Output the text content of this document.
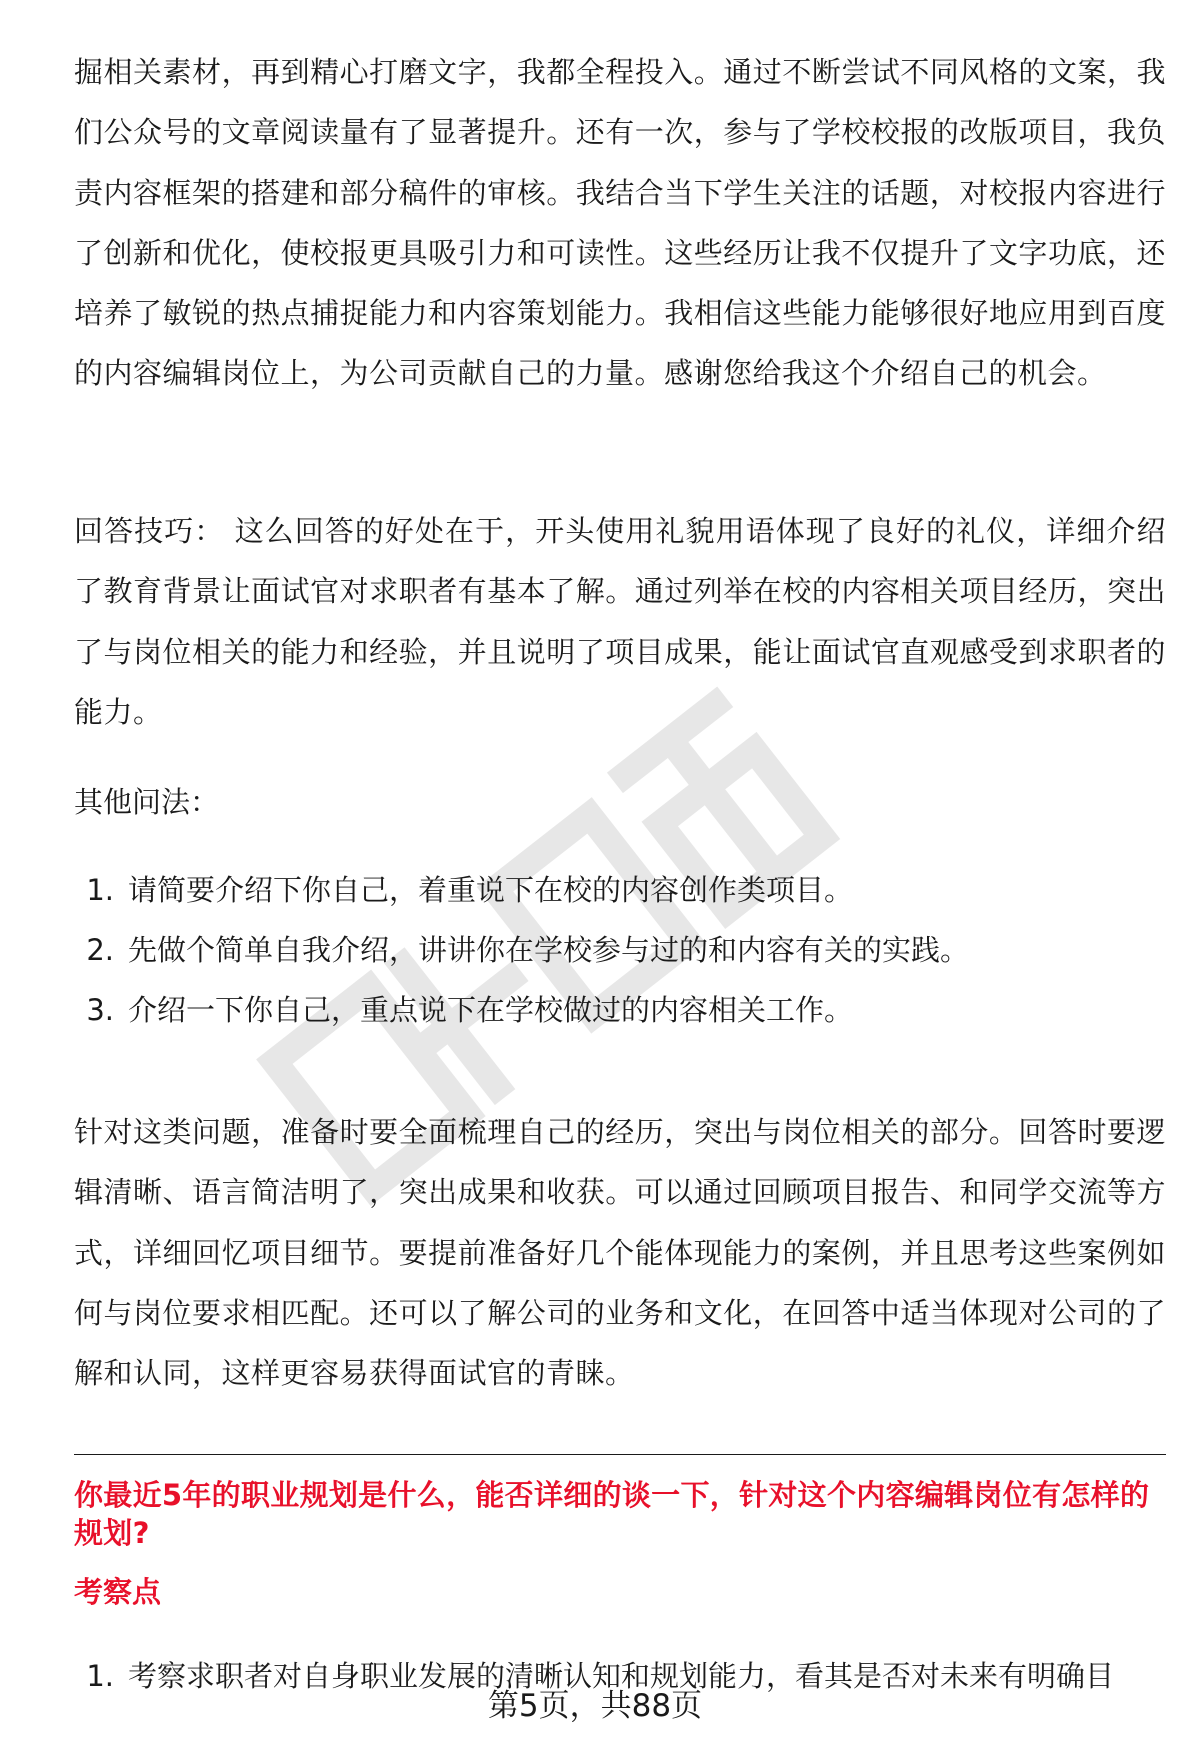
掘相关素材，再到精心打磨文字，我都全程投入。通过不断尝试不同风格的文案，我们公众号的文章阅读量有了显著提升。还有一次，参与了学校校报的改版项目，我负责内容框架的搭建和部分稿件的审核。我结合当下学生关注的话题，对校报内容进行了创新和优化，使校报更具吸引力和可读性。这些经历让我不仅提升了文字功底，还培养了敏锐的热点捕捉能力和内容策划能力。我相信这些能力能够很好地应用到百度的内容编辑岗位上，为公司贡献自己的力量。感谢您给我这个介绍自己的机会。

回答技巧： 这么回答的好处在于，开头使用礼貌用语体现了良好的礼仪，详细介绍了教育背景让面试官对求职者有基本了解。通过列举在校的内容相关项目经历，突出了与岗位相关的能力和经验，并且说明了项目成果，能让面试官直观感受到求职者的能力。

其他问法：

1. 请简要介绍下你自己，着重说下在校的内容创作类项目。
2. 先做个简单自我介绍，讲讲你在学校参与过的和内容有关的实践。
3. 介绍一下你自己，重点说下在学校做过的内容相关工作。

针对这类问题，准备时要全面梳理自己的经历，突出与岗位相关的部分。回答时要逻辑清晰、语言简洁明了，突出成果和收获。可以通过回顾项目报告、和同学交流等方式，详细回忆项目细节。要提前准备好几个能体现能力的案例，并且思考这些案例如何与岗位要求相匹配。还可以了解公司的业务和文化，在回答中适当体现对公司的了解和认同，这样更容易获得面试官的青睐。

你最近5年的职业规划是什么，能否详细的谈一下，针对这个内容编辑岗位有怎样的规划?
考察点
1. 考察求职者对自身职业发展的清晰认知和规划能力，看其是否对未来有明确目
第5页，共88页
